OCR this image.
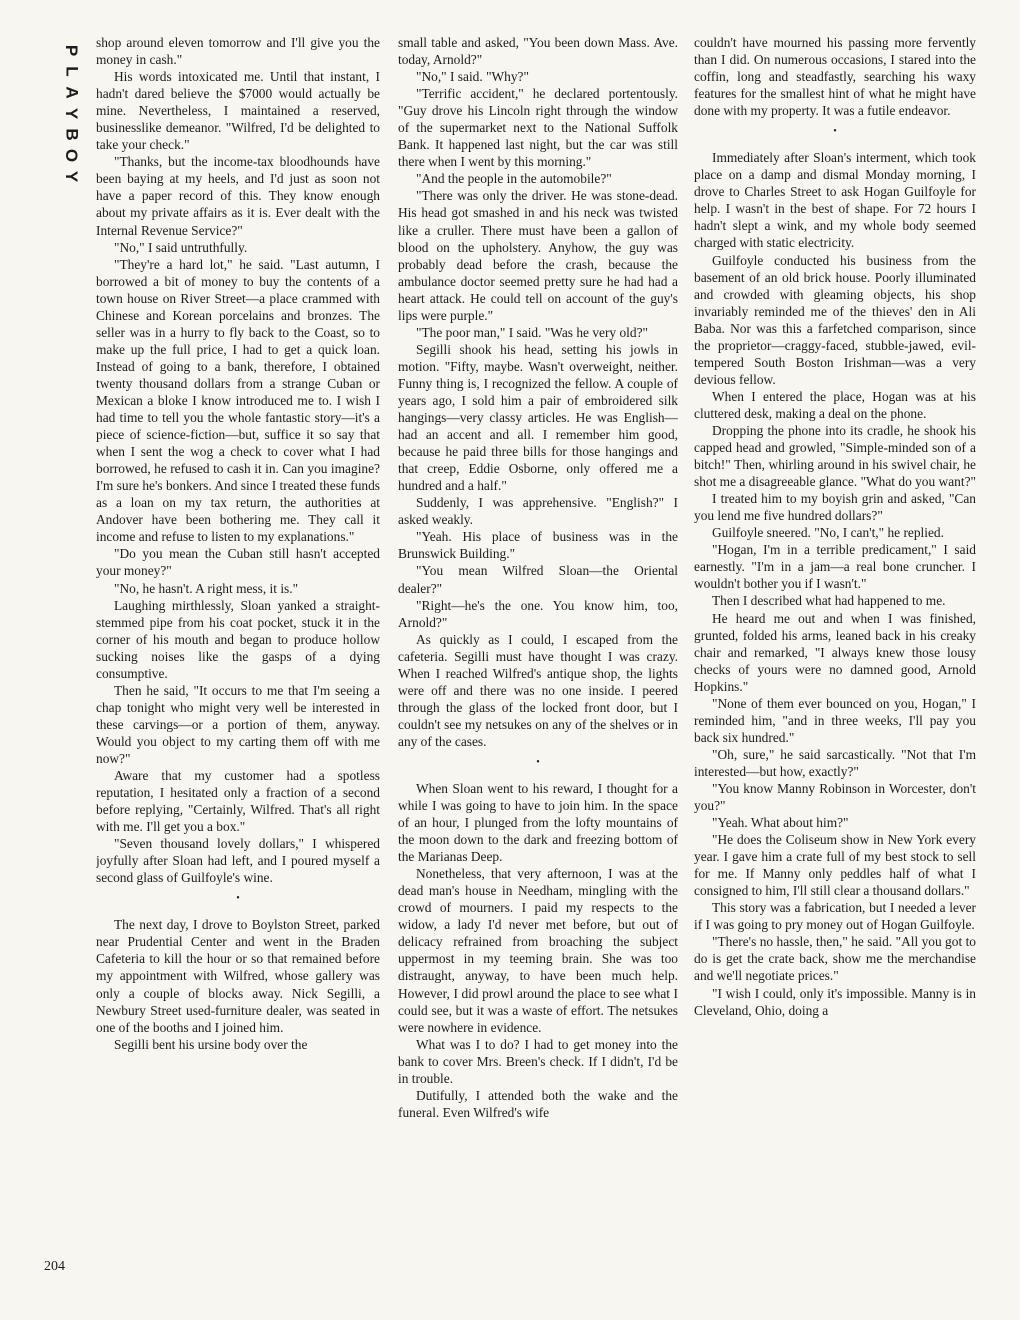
P
L
A
Y
B
O
Y
204

shop around eleven tomorrow and I'll give you the money in cash."

His words intoxicated me. Until that instant, I hadn't dared believe the $7000 would actually be mine. Nevertheless, I maintained a reserved, businesslike demeanor. "Wilfred, I'd be delighted to take your check."

"Thanks, but the income-tax bloodhounds have been baying at my heels, and I'd just as soon not have a paper record of this. They know enough about my private affairs as it is. Ever dealt with the Internal Revenue Service?"

"No," I said untruthfully.

"They're a hard lot," he said. "Last autumn, I borrowed a bit of money to buy the contents of a town house on River Street—a place crammed with Chinese and Korean porcelains and bronzes. The seller was in a hurry to fly back to the Coast, so to make up the full price, I had to get a quick loan. Instead of going to a bank, therefore, I obtained twenty thousand dollars from a strange Cuban or Mexican a bloke I know introduced me to. I wish I had time to tell you the whole fantastic story—it's a piece of science-fiction—but, suffice it so say that when I sent the wog a check to cover what I had borrowed, he refused to cash it in. Can you imagine? I'm sure he's bonkers. And since I treated these funds as a loan on my tax return, the authorities at Andover have been bothering me. They call it income and refuse to listen to my explanations."

"Do you mean the Cuban still hasn't accepted your money?"

"No, he hasn't. A right mess, it is."

Laughing mirthlessly, Sloan yanked a straight-stemmed pipe from his coat pocket, stuck it in the corner of his mouth and began to produce hollow sucking noises like the gasps of a dying consumptive.

Then he said, "It occurs to me that I'm seeing a chap tonight who might very well be interested in these carvings—or a portion of them, anyway. Would you object to my carting them off with me now?"

Aware that my customer had a spotless reputation, I hesitated only a fraction of a second before replying, "Certainly, Wilfred. That's all right with me. I'll get you a box."

"Seven thousand lovely dollars," I whispered joyfully after Sloan had left, and I poured myself a second glass of Guilfoyle's wine.

•

The next day, I drove to Boylston Street, parked near Prudential Center and went in the Braden Cafeteria to kill the hour or so that remained before my appointment with Wilfred, whose gallery was only a couple of blocks away. Nick Segilli, a Newbury Street used-furniture dealer, was seated in one of the booths and I joined him.

Segilli bent his ursine body over the

small table and asked, "You been down Mass. Ave. today, Arnold?"

"No," I said. "Why?"

"Terrific accident," he declared portentously. "Guy drove his Lincoln right through the window of the supermarket next to the National Suffolk Bank. It happened last night, but the car was still there when I went by this morning."

"And the people in the automobile?"

"There was only the driver. He was stone-dead. His head got smashed in and his neck was twisted like a cruller. There must have been a gallon of blood on the upholstery. Anyhow, the guy was probably dead before the crash, because the ambulance doctor seemed pretty sure he had had a heart attack. He could tell on account of the guy's lips were purple."

"The poor man," I said. "Was he very old?"

Segilli shook his head, setting his jowls in motion. "Fifty, maybe. Wasn't overweight, neither. Funny thing is, I recognized the fellow. A couple of years ago, I sold him a pair of embroidered silk hangings—very classy articles. He was English—had an accent and all. I remember him good, because he paid three bills for those hangings and that creep, Eddie Osborne, only offered me a hundred and a half."

Suddenly, I was apprehensive. "English?" I asked weakly.

"Yeah. His place of business was in the Brunswick Building."

"You mean Wilfred Sloan—the Oriental dealer?"

"Right—he's the one. You know him, too, Arnold?"

As quickly as I could, I escaped from the cafeteria. Segilli must have thought I was crazy. When I reached Wilfred's antique shop, the lights were off and there was no one inside. I peered through the glass of the locked front door, but I couldn't see my netsukes on any of the shelves or in any of the cases.

•

When Sloan went to his reward, I thought for a while I was going to have to join him. In the space of an hour, I plunged from the lofty mountains of the moon down to the dark and freezing bottom of the Marianas Deep.

Nonetheless, that very afternoon, I was at the dead man's house in Needham, mingling with the crowd of mourners. I paid my respects to the widow, a lady I'd never met before, but out of delicacy refrained from broaching the subject uppermost in my teeming brain. She was too distraught, anyway, to have been much help. However, I did prowl around the place to see what I could see, but it was a waste of effort. The netsukes were nowhere in evidence.

What was I to do? I had to get money into the bank to cover Mrs. Breen's check. If I didn't, I'd be in trouble.

Dutifully, I attended both the wake and the funeral. Even Wilfred's wife

couldn't have mourned his passing more fervently than I did. On numerous occasions, I stared into the coffin, long and steadfastly, searching his waxy features for the smallest hint of what he might have done with my property. It was a futile endeavor.

•

Immediately after Sloan's interment, which took place on a damp and dismal Monday morning, I drove to Charles Street to ask Hogan Guilfoyle for help. I wasn't in the best of shape. For 72 hours I hadn't slept a wink, and my whole body seemed charged with static electricity.

Guilfoyle conducted his business from the basement of an old brick house. Poorly illuminated and crowded with gleaming objects, his shop invariably reminded me of the thieves' den in Ali Baba. Nor was this a farfetched comparison, since the proprietor—craggy-faced, stubble-jawed, evil-tempered South Boston Irishman—was a very devious fellow.

When I entered the place, Hogan was at his cluttered desk, making a deal on the phone.

Dropping the phone into its cradle, he shook his capped head and growled, "Simple-minded son of a bitch!" Then, whirling around in his swivel chair, he shot me a disagreeable glance. "What do you want?"

I treated him to my boyish grin and asked, "Can you lend me five hundred dollars?"

Guilfoyle sneered. "No, I can't," he replied.

"Hogan, I'm in a terrible predicament," I said earnestly. "I'm in a jam—a real bone cruncher. I wouldn't bother you if I wasn't."

Then I described what had happened to me.

He heard me out and when I was finished, grunted, folded his arms, leaned back in his creaky chair and remarked, "I always knew those lousy checks of yours were no damned good, Arnold Hopkins."

"None of them ever bounced on you, Hogan," I reminded him, "and in three weeks, I'll pay you back six hundred."

"Oh, sure," he said sarcastically. "Not that I'm interested—but how, exactly?"

"You know Manny Robinson in Worcester, don't you?"

"Yeah. What about him?"

"He does the Coliseum show in New York every year. I gave him a crate full of my best stock to sell for me. If Manny only peddles half of what I consigned to him, I'll still clear a thousand dollars."

This story was a fabrication, but I needed a lever if I was going to pry money out of Hogan Guilfoyle.

"There's no hassle, then," he said. "All you got to do is get the crate back, show me the merchandise and we'll negotiate prices."

"I wish I could, only it's impossible. Manny is in Cleveland, Ohio, doing a
